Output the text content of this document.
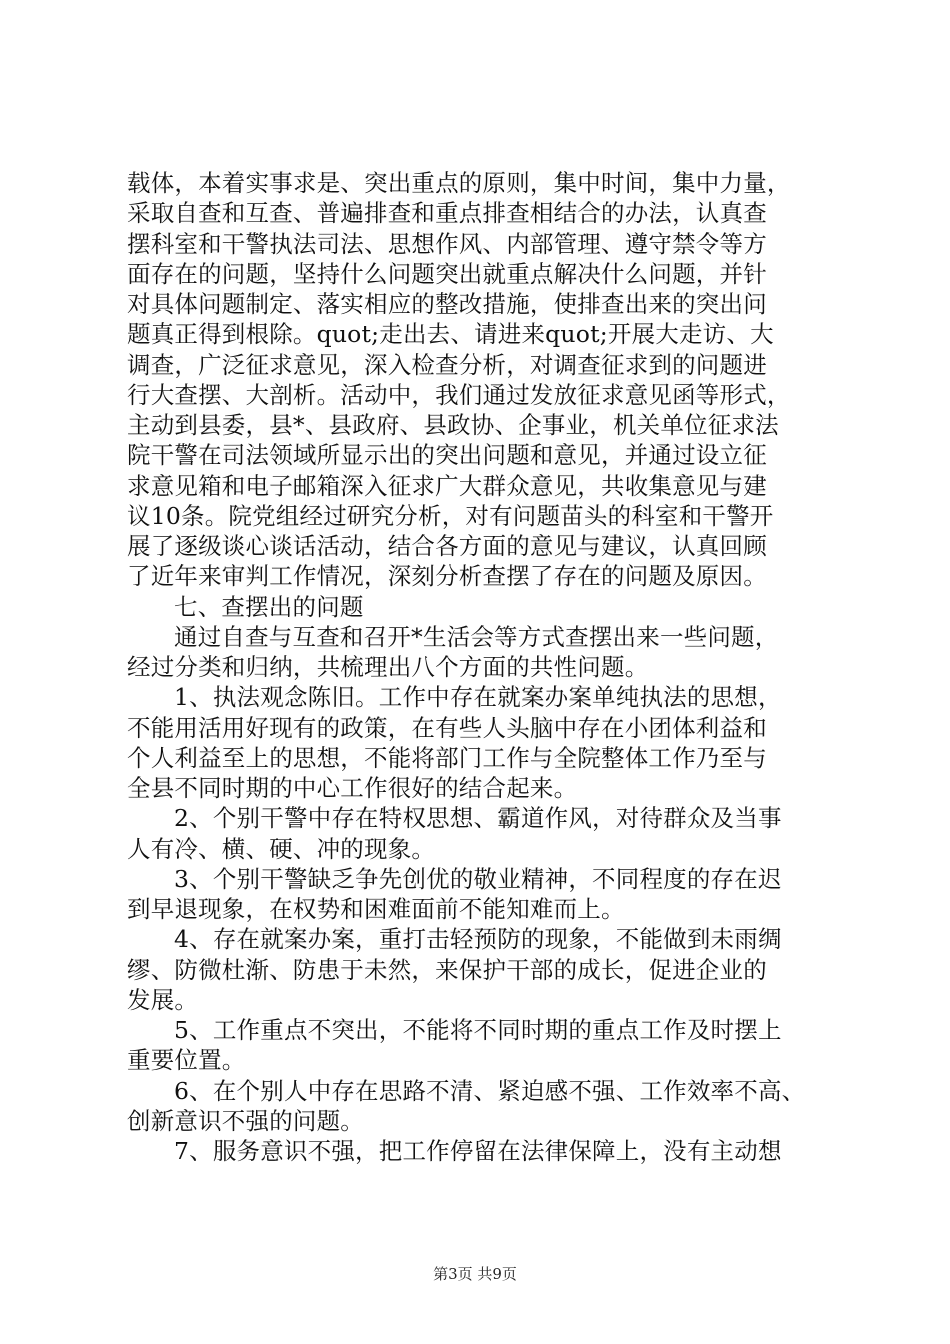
载体，本着实事求是、突出重点的原则，集中时间，集中力量，
采取自查和互查、普遍排查和重点排查相结合的办法，认真查
摆科室和干警执法司法、思想作风、内部管理、遵守禁令等方
面存在的问题，坚持什么问题突出就重点解决什么问题，并针
对具体问题制定、落实相应的整改措施，使排查出来的突出问
题真正得到根除。quot;走出去、请进来quot;开展大走访、大
调查，广泛征求意见，深入检查分析，对调查征求到的问题进
行大查摆、大剖析。活动中，我们通过发放征求意见函等形式，
主动到县委，县*、县政府、县政协、企事业，机关单位征求法
院干警在司法领域所显示出的突出问题和意见，并通过设立征
求意见箱和电子邮箱深入征求广大群众意见，共收集意见与建
议10条。院党组经过研究分析，对有问题苗头的科室和干警开
展了逐级谈心谈话活动，结合各方面的意见与建议，认真回顾
了近年来审判工作情况，深刻分析查摆了存在的问题及原因。
七、查摆出的问题
通过自查与互查和召开*生活会等方式查摆出来一些问题，
经过分类和归纳，共梳理出八个方面的共性问题。
1、执法观念陈旧。工作中存在就案办案单纯执法的思想，
不能用活用好现有的政策，在有些人头脑中存在小团体利益和
个人利益至上的思想，不能将部门工作与全院整体工作乃至与
全县不同时期的中心工作很好的结合起来。
2、个别干警中存在特权思想、霸道作风，对待群众及当事
人有冷、横、硬、冲的现象。
3、个别干警缺乏争先创优的敬业精神，不同程度的存在迟
到早退现象，在权势和困难面前不能知难而上。
4、存在就案办案，重打击轻预防的现象，不能做到未雨绸
缪、防微杜渐、防患于未然，来保护干部的成长，促进企业的
发展。
5、工作重点不突出，不能将不同时期的重点工作及时摆上
重要位置。
6、在个别人中存在思路不清、紧迫感不强、工作效率不高、
创新意识不强的问题。
7、服务意识不强，把工作停留在法律保障上，没有主动想
第3页 共9页
